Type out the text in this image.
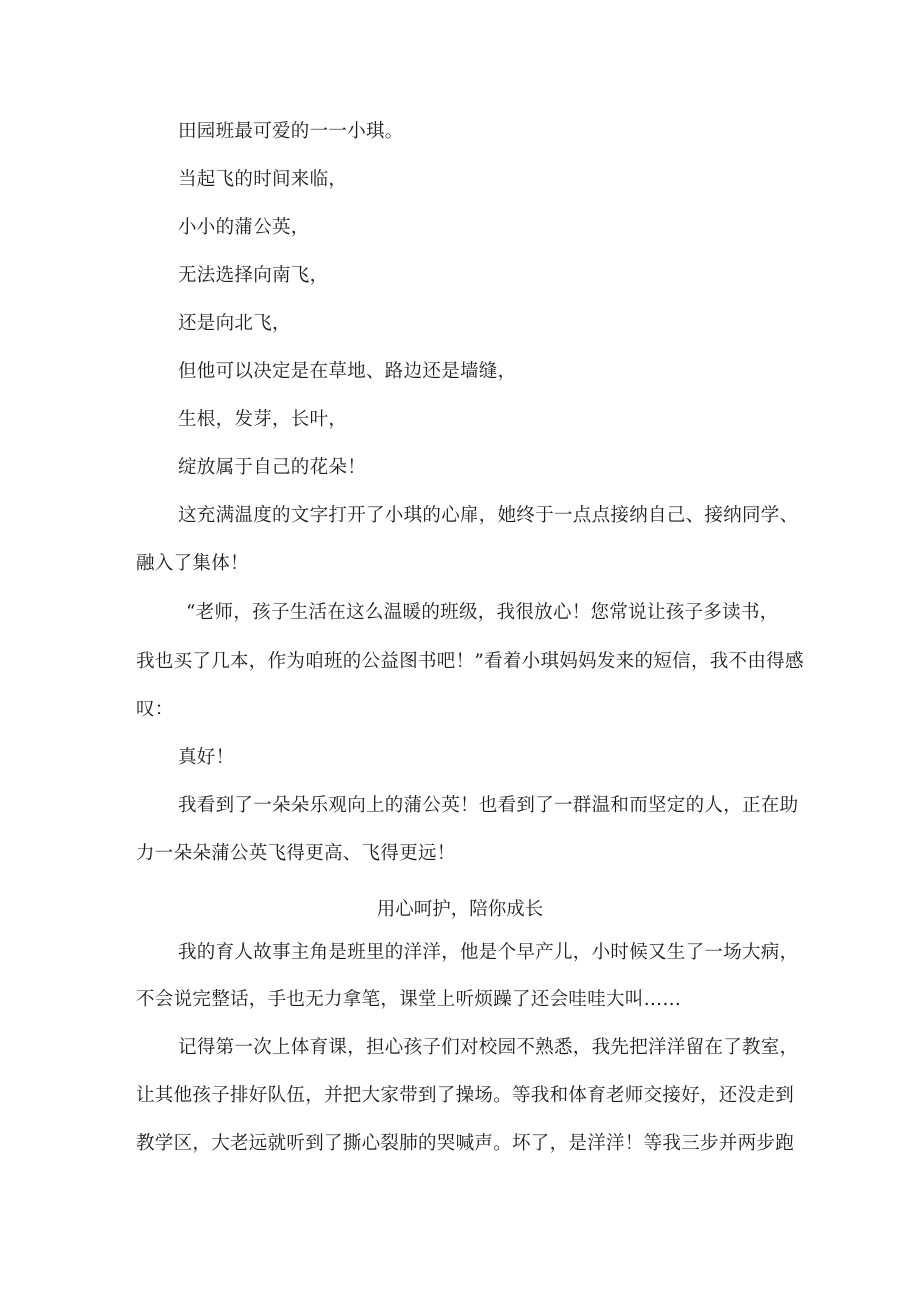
田园班最可爱的一一小琪。
当起飞的时间来临，
小小的蒲公英，
无法选择向南飞，
还是向北飞，
但他可以决定是在草地、路边还是墙缝，
生根，发芽，长叶，
绽放属于自己的花朵！
这充满温度的文字打开了小琪的心扉，她终于一点点接纳自己、接纳同学、
融入了集体！
“老师，孩子生活在这么温暖的班级，我很放心！您常说让孩子多读书，
我也买了几本，作为咱班的公益图书吧！”看着小琪妈妈发来的短信，我不由得感
叹：
真好！
我看到了一朵朵乐观向上的蒲公英！也看到了一群温和而坚定的人，正在助
力一朵朵蒲公英飞得更高、飞得更远！
用心呵护，陪你成长
我的育人故事主角是班里的洋洋，他是个早产儿，小时候又生了一场大病，
不会说完整话，手也无力拿笔，课堂上听烦躁了还会哇哇大叫……
记得第一次上体育课，担心孩子们对校园不熟悉，我先把洋洋留在了教室，
让其他孩子排好队伍，并把大家带到了操场。等我和体育老师交接好，还没走到
教学区，大老远就听到了撕心裂肺的哭喊声。坏了，是洋洋！等我三步并两步跑
